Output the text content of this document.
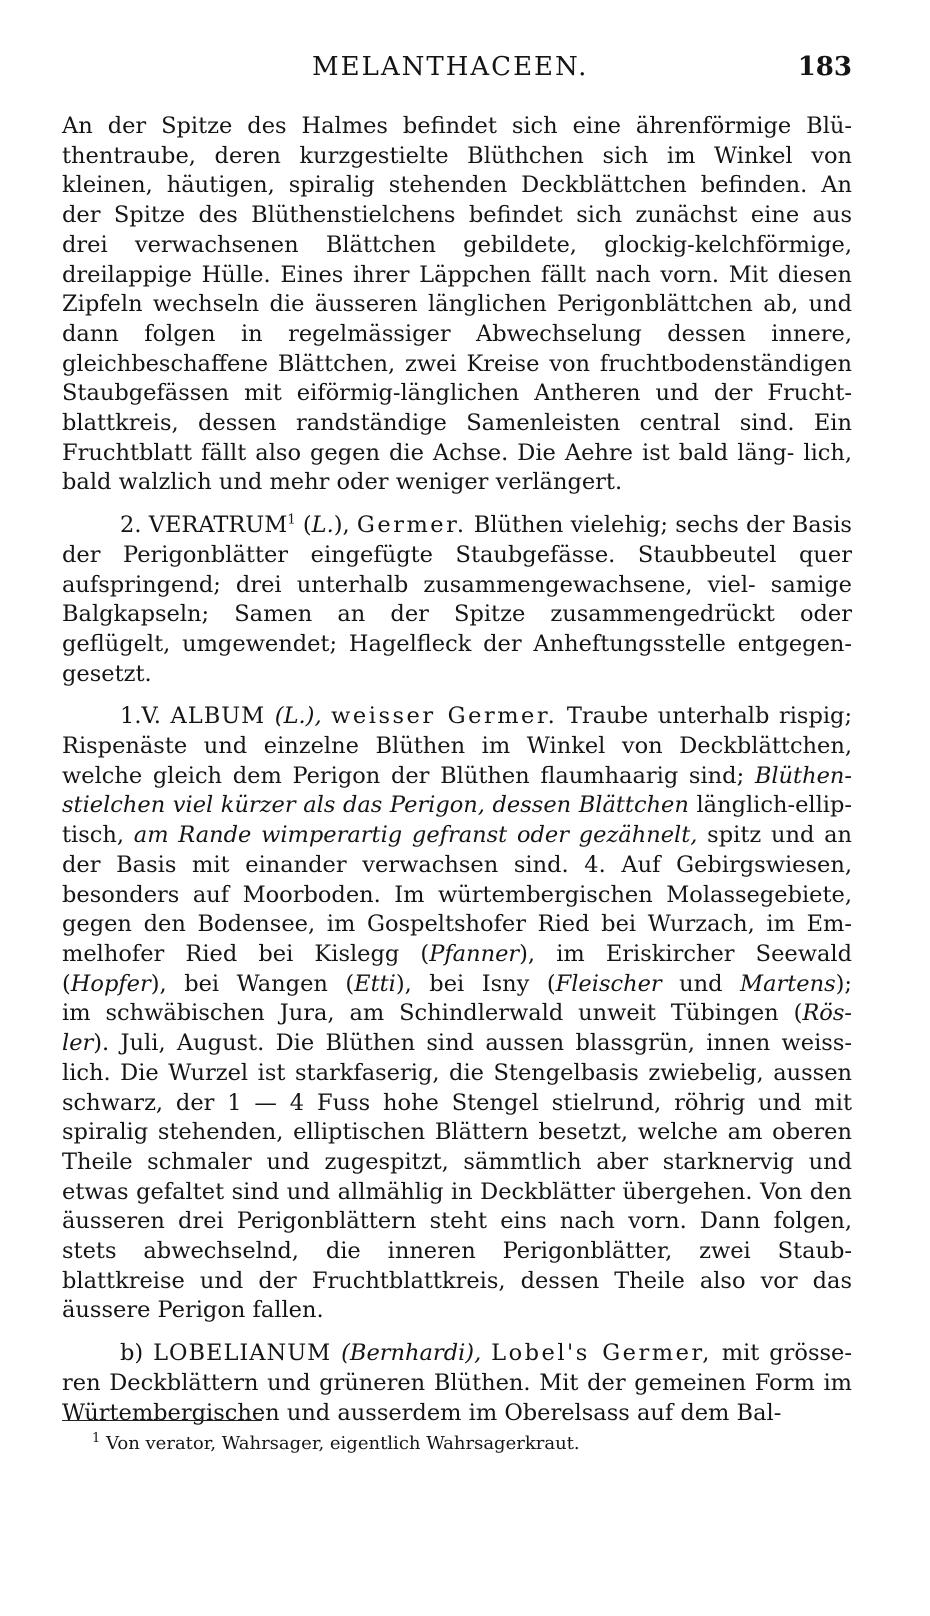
MELANTHACEEN.	183

An der Spitze des Halmes befindet sich eine ährenförmige Blü- thentraube, deren kurzgestielte Blüthchen sich im Winkel von kleinen, häutigen, spiralig stehenden Deckblättchen befinden. An der Spitze des Blüthenstielchens befindet sich zunächst eine aus drei verwachsenen Blättchen gebildete, glockig-kelchförmige, dreilappige Hülle. Eines ihrer Läppchen fällt nach vorn. Mit diesen Zipfeln wechseln die äusseren länglichen Perigonblättchen ab, und dann folgen in regelmässiger Abwechselung dessen innere, gleichbeschaffene Blättchen, zwei Kreise von fruchtbodenständigen Staubgefässen mit eiförmig-länglichen Antheren und der Frucht- blattkreis, dessen randständige Samenleisten central sind. Ein Fruchtblatt fällt also gegen die Achse. Die Aehre ist bald läng- lich, bald walzlich und mehr oder weniger verlängert.

2. VERATRUM$^1$ (L.), Germer. Blüthen vielehig; sechs der Basis der Perigonblätter eingefügte Staubgefässe. Staubbeutel quer aufspringend; drei unterhalb zusammengewachsene, viel- samige Balgkapseln; Samen an der Spitze zusammengedrückt oder geflügelt, umgewendet; Hagelfleck der Anheftungsstelle entgegen- gesetzt.

1.V. ALBUM (L.), weisser Germer. Traube unterhalb rispig; Rispenäste und einzelne Blüthen im Winkel von Deckblättchen, welche gleich dem Perigon der Blüthen flaumhaarig sind; Blüthen- stielchen viel kürzer als das Perigon, dessen Blättchen länglich-ellip- tisch, am Rande wimperartig gefranst oder gezähnelt, spitz und an der Basis mit einander verwachsen sind. 4. Auf Gebirgswiesen, besonders auf Moorboden. Im würtembergischen Molassegebiete, gegen den Bodensee, im Gospeltshofer Ried bei Wurzach, im Em- melhofer Ried bei Kislegg (Pfanner), im Eriskircher Seewald (Hopfer), bei Wangen (Etti), bei Isny (Fleischer und Martens); im schwäbischen Jura, am Schindlerwald unweit Tübingen (Rös- ler). Juli, August. Die Blüthen sind aussen blassgrün, innen weiss- lich. Die Wurzel ist starkfaserig, die Stengelbasis zwiebelig, aussen schwarz, der 1 — 4 Fuss hohe Stengel stielrund, röhrig und mit spiralig stehenden, elliptischen Blättern besetzt, welche am oberen Theile schmaler und zugespitzt, sämmtlich aber starknervig und etwas gefaltet sind und allmählig in Deckblätter übergehen. Von den äusseren drei Perigonblättern steht eins nach vorn. Dann folgen, stets abwechselnd, die inneren Perigonblätter, zwei Staub- blattkreise und der Fruchtblattkreis, dessen Theile also vor das äussere Perigon fallen.

b) LOBELIANUM (Bernhardi), Lobel's Germer, mit grösse- ren Deckblättern und grüneren Blüthen. Mit der gemeinen Form im Würtembergischen und ausserdem im Oberelsass auf dem Bal-

$^1$ Von verator, Wahrsager, eigentlich Wahrsagerkraut.
